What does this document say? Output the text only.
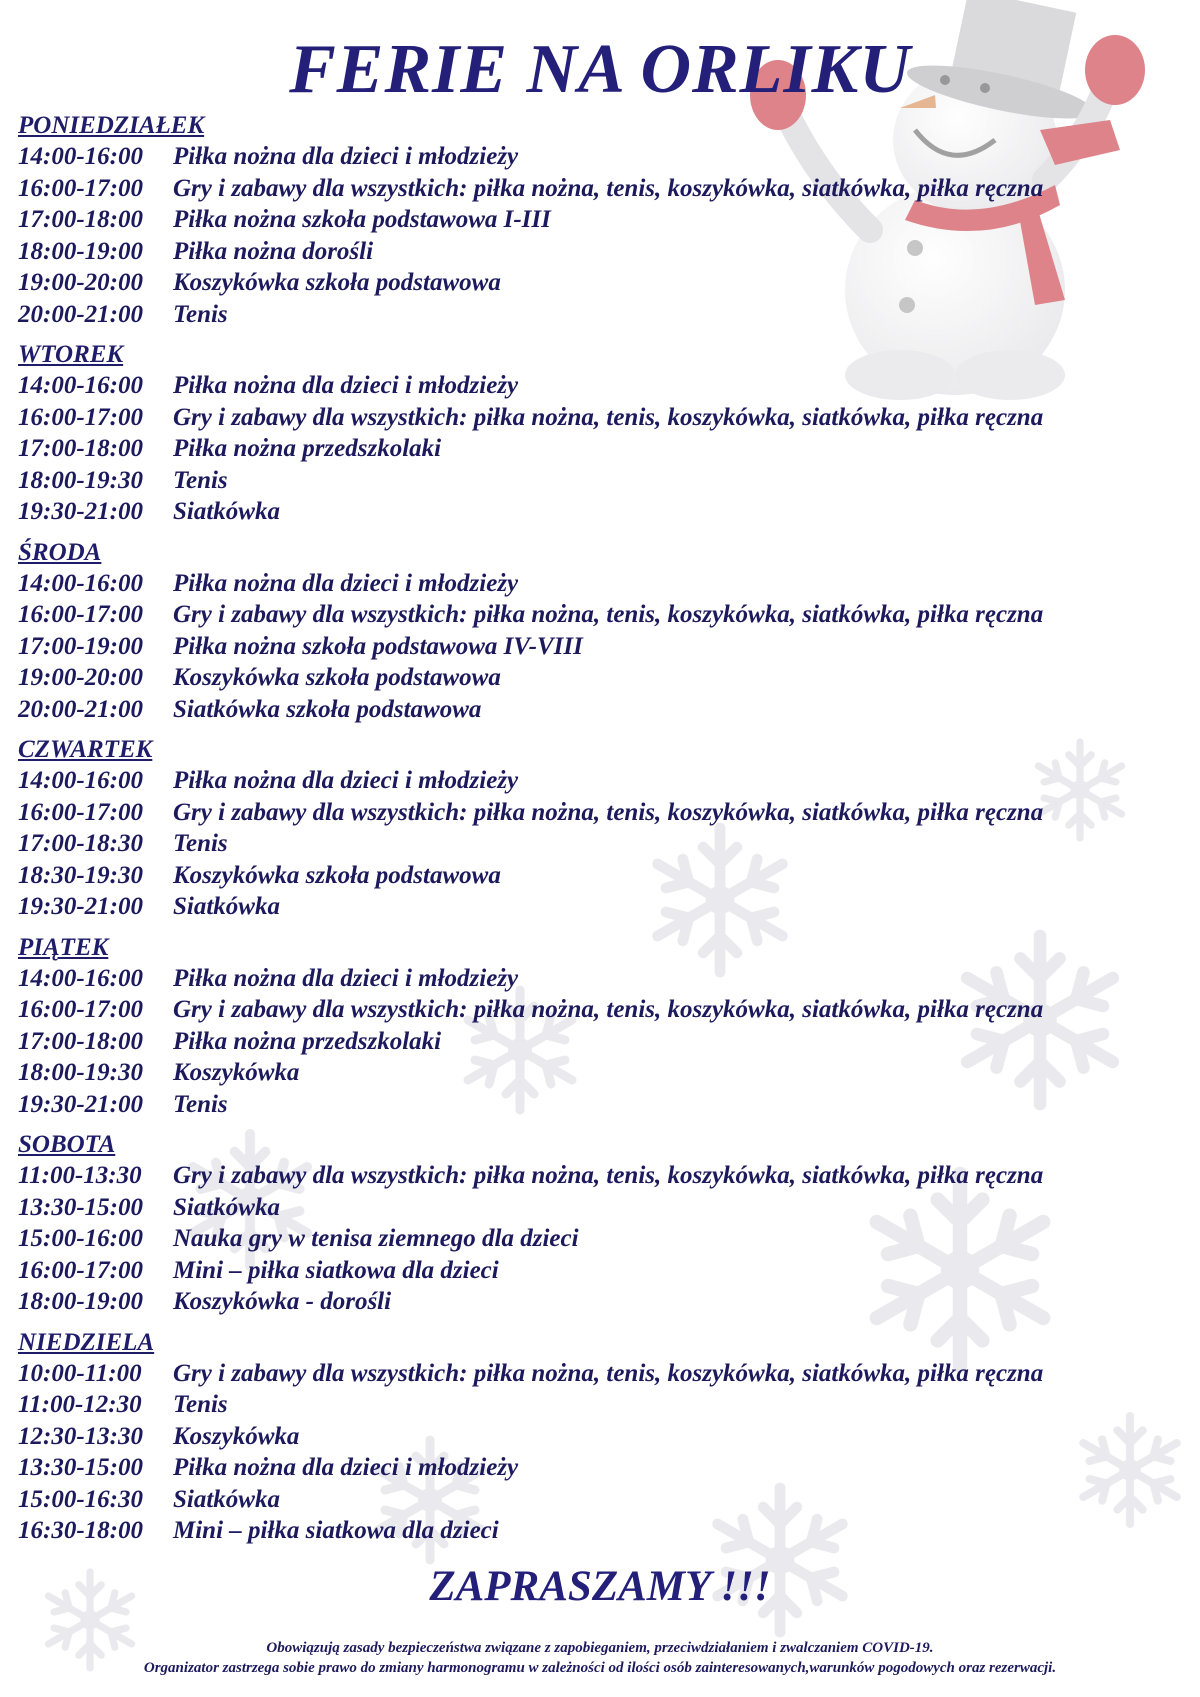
FERIE NA ORLIKU
PONIEDZIAŁEK
14:00-16:00 Piłka nożna dla dzieci i młodzieży
16:00-17:00 Gry i zabawy dla wszystkich: piłka nożna, tenis, koszykówka, siatkówka, piłka ręczna
17:00-18:00 Piłka nożna szkoła podstawowa I-III
18:00-19:00 Piłka nożna dorośli
19:00-20:00 Koszykówka szkoła podstawowa
20:00-21:00 Tenis
WTOREK
14:00-16:00 Piłka nożna dla dzieci i młodzieży
16:00-17:00 Gry i zabawy dla wszystkich: piłka nożna, tenis, koszykówka, siatkówka, piłka ręczna
17:00-18:00 Piłka nożna przedszkolaki
18:00-19:30 Tenis
19:30-21:00 Siatkówka
ŚRODA
14:00-16:00 Piłka nożna dla dzieci i młodzieży
16:00-17:00 Gry i zabawy dla wszystkich: piłka nożna, tenis, koszykówka, siatkówka, piłka ręczna
17:00-19:00 Piłka nożna szkoła podstawowa IV-VIII
19:00-20:00 Koszykówka szkoła podstawowa
20:00-21:00 Siatkówka szkoła podstawowa
CZWARTEK
14:00-16:00 Piłka nożna dla dzieci i młodzieży
16:00-17:00 Gry i zabawy dla wszystkich: piłka nożna, tenis, koszykówka, siatkówka, piłka ręczna
17:00-18:30 Tenis
18:30-19:30 Koszykówka szkoła podstawowa
19:30-21:00 Siatkówka
PIĄTEK
14:00-16:00 Piłka nożna dla dzieci i młodzieży
16:00-17:00 Gry i zabawy dla wszystkich: piłka nożna, tenis, koszykówka, siatkówka, piłka ręczna
17:00-18:00 Piłka nożna przedszkolaki
18:00-19:30 Koszykówka
19:30-21:00 Tenis
SOBOTA
11:00-13:30 Gry i zabawy dla wszystkich: piłka nożna, tenis, koszykówka, siatkówka, piłka ręczna
13:30-15:00 Siatkówka
15:00-16:00 Nauka gry w tenisa ziemnego dla dzieci
16:00-17:00 Mini – piłka siatkowa dla dzieci
18:00-19:00 Koszykówka - dorośli
NIEDZIELA
10:00-11:00 Gry i zabawy dla wszystkich: piłka nożna, tenis, koszykówka, siatkówka, piłka ręczna
11:00-12:30 Tenis
12:30-13:30 Koszykówka
13:30-15:00 Piłka nożna dla dzieci i młodzieży
15:00-16:30 Siatkówka
16:30-18:00 Mini – piłka siatkowa dla dzieci
ZAPRASZAMY !!!
Obowiązują zasady bezpieczeństwa związane z zapobieganiem, przeciwdziałaniem i zwalczaniem COVID-19.
Organizator zastrzega sobie prawo do zmiany harmonogramu w zależności od ilości osób zainteresowanych,warunków pogodowych oraz rezerwacji.
